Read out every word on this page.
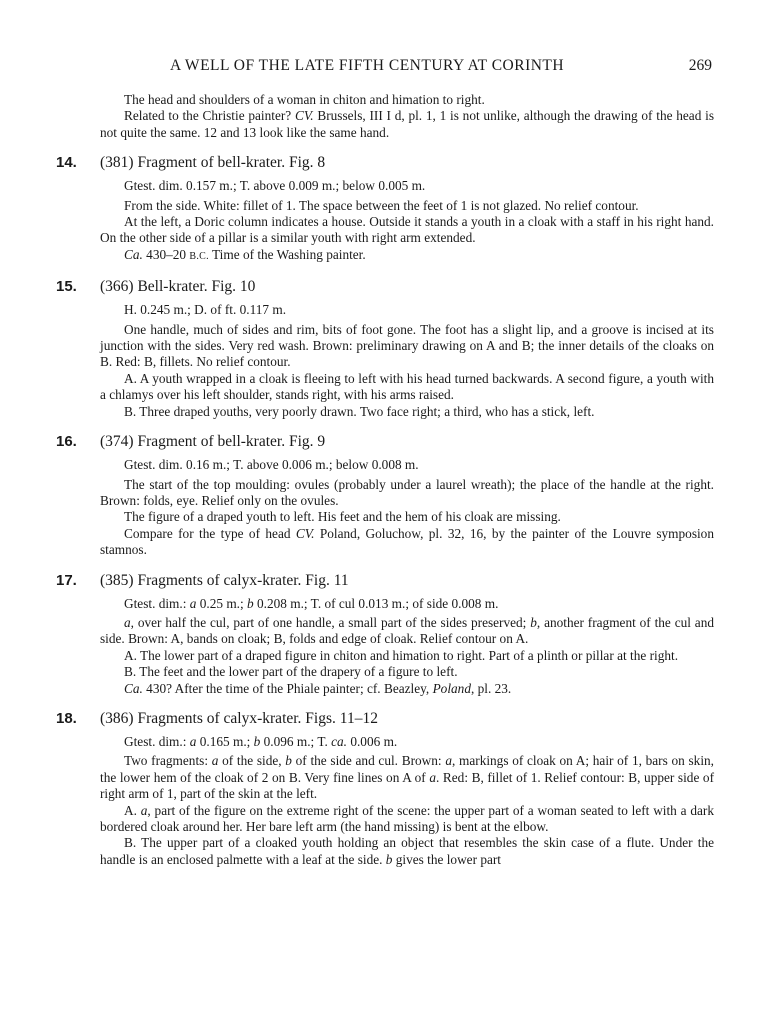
A WELL OF THE LATE FIFTH CENTURY AT CORINTH	269

The head and shoulders of a woman in chiton and himation to right.

Related to the Christie painter? CV. Brussels, III I d, pl. 1, 1 is not unlike, although the drawing of the head is not quite the same. 12 and 13 look like the same hand.

14. (381) Fragment of bell-krater. Fig. 8

Gtest. dim. 0.157 m.; T. above 0.009 m.; below 0.005 m.

From the side. White: fillet of 1. The space between the feet of 1 is not glazed. No relief contour.

At the left, a Doric column indicates a house. Outside it stands a youth in a cloak with a staff in his right hand. On the other side of a pillar is a similar youth with right arm extended.

Ca. 430–20 B.C. Time of the Washing painter.

15. (366) Bell-krater. Fig. 10

H. 0.245 m.; D. of ft. 0.117 m.

One handle, much of sides and rim, bits of foot gone. The foot has a slight lip, and a groove is incised at its junction with the sides. Very red wash. Brown: preliminary drawing on A and B; the inner details of the cloaks on B. Red: B, fillets. No relief contour.

A. A youth wrapped in a cloak is fleeing to left with his head turned backwards. A second figure, a youth with a chlamys over his left shoulder, stands right, with his arms raised.

B. Three draped youths, very poorly drawn. Two face right; a third, who has a stick, left.

16. (374) Fragment of bell-krater. Fig. 9

Gtest. dim. 0.16 m.; T. above 0.006 m.; below 0.008 m.

The start of the top moulding: ovules (probably under a laurel wreath); the place of the handle at the right. Brown: folds, eye. Relief only on the ovules.

The figure of a draped youth to left. His feet and the hem of his cloak are missing.

Compare for the type of head CV. Poland, Goluchow, pl. 32, 16, by the painter of the Louvre symposion stamnos.

17. (385) Fragments of calyx-krater. Fig. 11

Gtest. dim.: a 0.25 m.; b 0.208 m.; T. of cul 0.013 m.; of side 0.008 m.

a, over half the cul, part of one handle, a small part of the sides preserved; b, another fragment of the cul and side. Brown: A, bands on cloak; B, folds and edge of cloak. Relief contour on A.

A. The lower part of a draped figure in chiton and himation to right. Part of a plinth or pillar at the right.

B. The feet and the lower part of the drapery of a figure to left.

Ca. 430? After the time of the Phiale painter; cf. Beazley, Poland, pl. 23.

18. (386) Fragments of calyx-krater. Figs. 11–12

Gtest. dim.: a 0.165 m.; b 0.096 m.; T. ca. 0.006 m.

Two fragments: a of the side, b of the side and cul. Brown: a, markings of cloak on A; hair of 1, bars on skin, the lower hem of the cloak of 2 on B. Very fine lines on A of a. Red: B, fillet of 1. Relief contour: B, upper side of right arm of 1, part of the skin at the left.

A. a, part of the figure on the extreme right of the scene: the upper part of a woman seated to left with a dark bordered cloak around her. Her bare left arm (the hand missing) is bent at the elbow.

B. The upper part of a cloaked youth holding an object that resembles the skin case of a flute. Under the handle is an enclosed palmette with a leaf at the side. b gives the lower part
